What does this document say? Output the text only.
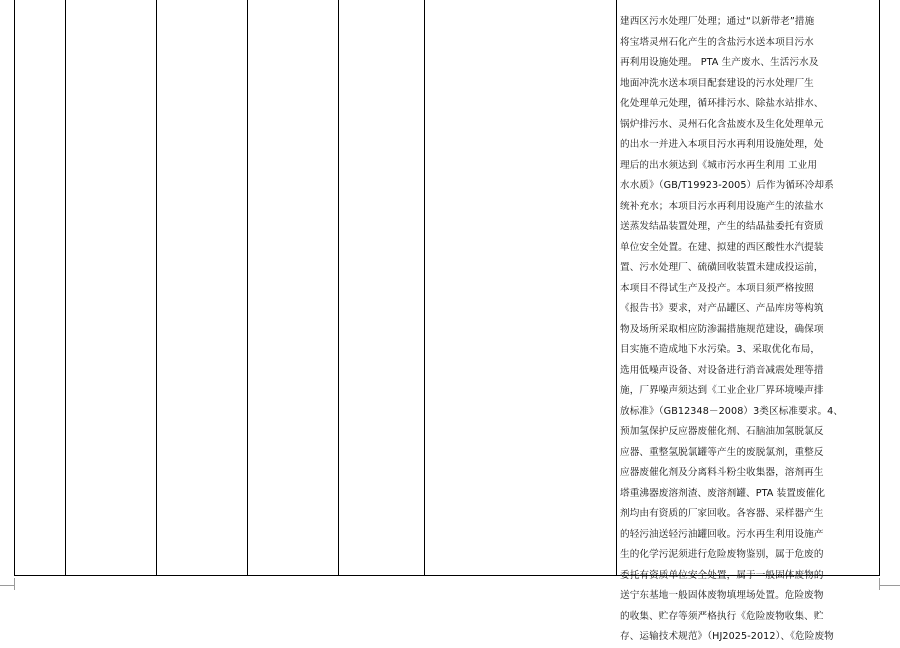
建西区污水处理厂处理；通过“以新带老”措施
将宝塔灵州石化产生的含盐污水送本项目污水
再利用设施处理。 PTA 生产废水、生活污水及
地面冲洗水送本项目配套建设的污水处理厂生
化处理单元处理，循环排污水、除盐水站排水、
锅炉排污水、灵州石化含盐废水及生化处理单元
的出水一并进入本项目污水再利用设施处理，处
理后的出水须达到《城市污水再生利用 工业用
水水质》（GB/T19923-2005）后作为循环冷却系
统补充水；本项目污水再利用设施产生的浓盐水
送蒸发结晶装置处理，产生的结晶盐委托有资质
单位安全处置。在建、拟建的西区酸性水汽提装
置、污水处理厂、硫磺回收装置未建成投运前，
本项目不得试生产及投产。本项目须严格按照
《报告书》要求，对产品罐区、产品库房等构筑
物及场所采取相应防渗漏措施规范建设，确保项
目实施不造成地下水污染。3、采取优化布局，
选用低噪声设备、对设备进行消音减震处理等措
施，厂界噪声须达到《工业企业厂界环境噪声排
放标准》（GB12348－2008）3类区标准要求。4、
预加氢保护反应器废催化剂、石脑油加氢脱氯反
应器、重整氢脱氯罐等产生的废脱氯剂，重整反
应器废催化剂及分离料斗粉尘收集器，溶剂再生
塔重沸器废溶剂渣、废溶剂罐、PTA 装置废催化
剂均由有资质的厂家回收。各容器、采样器产生
的轻污油送轻污油罐回收。污水再生利用设施产
生的化学污泥须进行危险废物鉴别，属于危废的
委托有资质单位安全处置，属于一般固体废物的
送宁东基地一般固体废物填埋场处置。危险废物
的收集、贮存等须严格执行《危险废物收集、贮
存、运输技术规范》（HJ2025-2012）、《危险废物
